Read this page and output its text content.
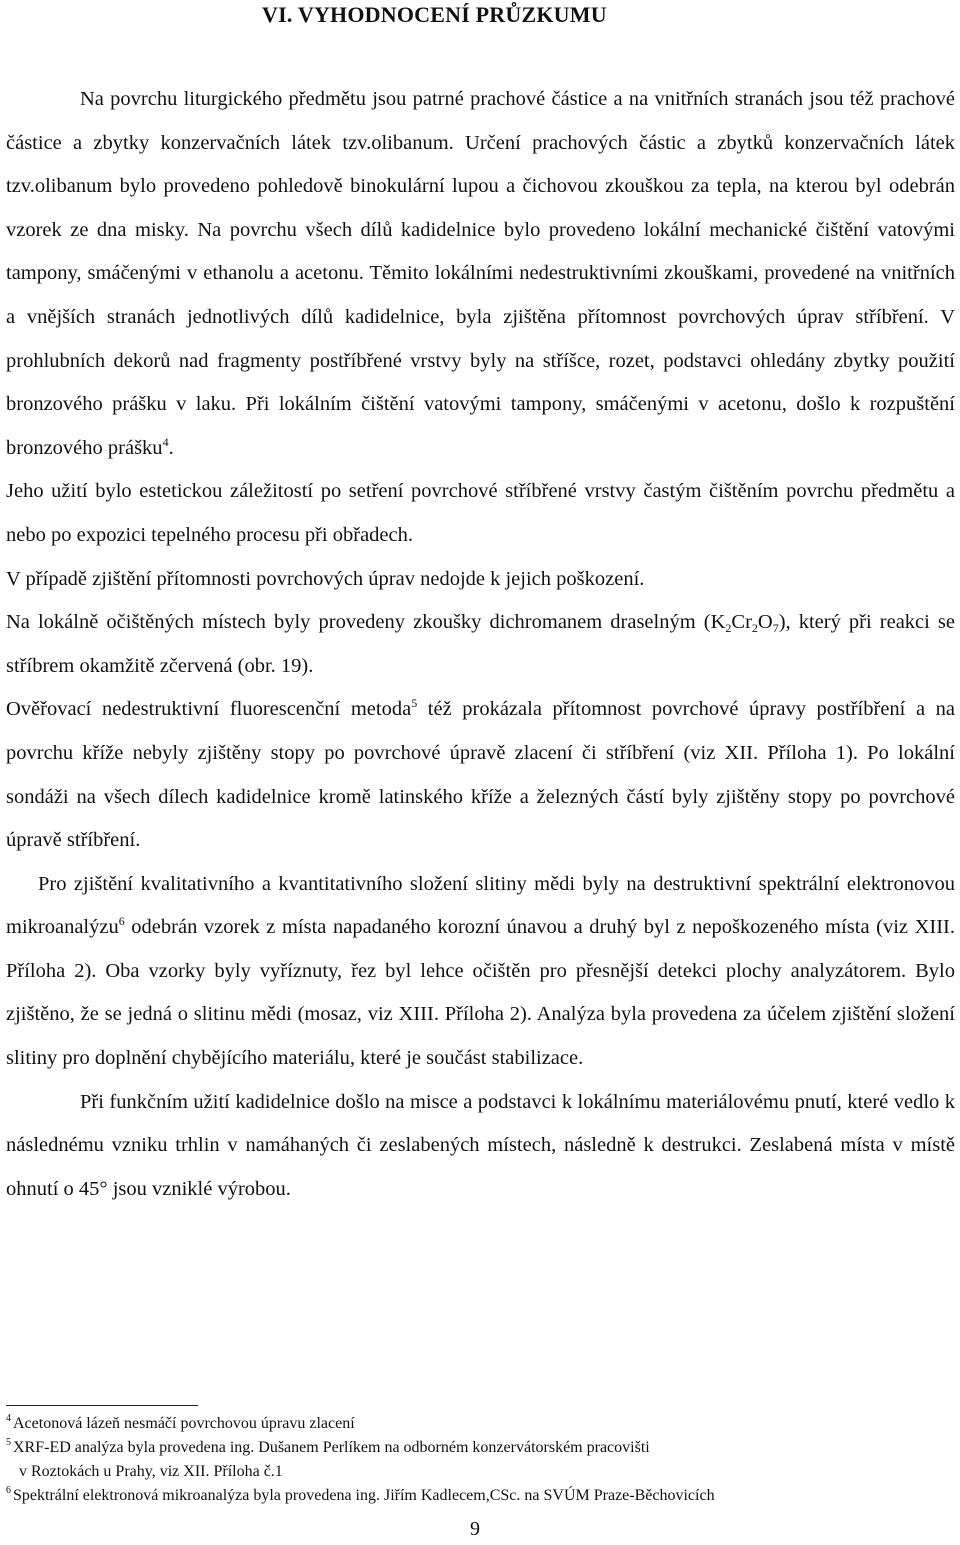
VI. VYHODNOCENÍ PRŮZKUMU

Na povrchu liturgického předmětu jsou patrné prachové částice a na vnitřních stranách jsou též prachové částice a zbytky konzervačních látek tzv.olibanum. Určení prachových částic a zbytků konzervačních látek tzv.olibanum bylo provedeno pohledově binokulární lupou a čichovou zkouškou za tepla, na kterou byl odebrán vzorek ze dna misky. Na povrchu všech dílů kadidelnice bylo provedeno lokální mechanické čištění vatovými tampony, smáčenými v ethanolu a acetonu. Těmito lokálními nedestruktivními zkouškami, provedené na vnitřních a vnějších stranách jednotlivých dílů kadidelnice, byla zjištěna přítomnost povrchových úprav stříbření. V prohlubních dekorů nad fragmenty postříbřené vrstvy byly na stříšce, rozet, podstavci ohledány zbytky použití bronzového prášku v laku. Při lokálním čištění vatovými tampony, smáčenými v acetonu, došlo k rozpuštění bronzového prášku$^4$.

Jeho užití bylo estetickou záležitostí po setření povrchové stříbřené vrstvy častým čištěním povrchu předmětu a nebo po expozici tepelného procesu při obřadech.

V případě zjištění přítomnosti povrchových úprav nedojde k jejich poškození.

Na lokálně očištěných místech byly provedeny zkoušky dichromanem draselným $(K_2Cr_2O_7)$, který při reakci se stříbrem okamžitě zčervená (obr. 19).

Ověřovací nedestruktivní fluorescenční metoda$^5$ též prokázala přítomnost povrchové úpravy postříbření a na povrchu kříže nebyly zjištěny stopy po povrchové úpravě zlacení či stříbření (viz XII. Příloha 1). Po lokální sondáži na všech dílech kadidelnice kromě latinského kříže a železných částí byly zjištěny stopy po povrchové úpravě stříbření.

Pro zjištění kvalitativního a kvantitativního složení slitiny mědi byly na destruktivní spektrální elektronovou mikroanalýzu$^6$ odebrán vzorek z místa napadaného korozní únavou a druhý byl z nepoškozeného místa (viz XIII. Příloha 2). Oba vzorky byly vyříznuty, řez byl lehce očištěn pro přesnější detekci plochy analyzátorem. Bylo zjištěno, že se jedná o slitinu mědi (mosaz, viz XIII. Příloha 2). Analýza byla provedena za účelem zjištění složení slitiny pro doplnění chybějícího materiálu, které je součást stabilizace.

Při funkčním užití kadidelnice došlo na misce a podstavci k lokálnímu materiálovému pnutí, které vedlo k následnému vzniku trhlin v namáhaných či zeslabených místech, následně k destrukci. Zeslabená místa v místě ohnutí o 45° jsou vzniklé výrobou.

$^4$ Acetonová lázeň nesmáčí povrchovou úpravu zlacení
$^5$ XRF-ED analýza byla provedena ing. Dušanem Perlíkem na odborném konzervátorském pracovišti
v Roztokách u Prahy, viz XII. Příloha č.1
$^6$ Spektrální elektronová mikroanalýza byla provedena ing. Jiřím Kadlecem,CSc. na SVÚM Praze-Běchovicích
9
